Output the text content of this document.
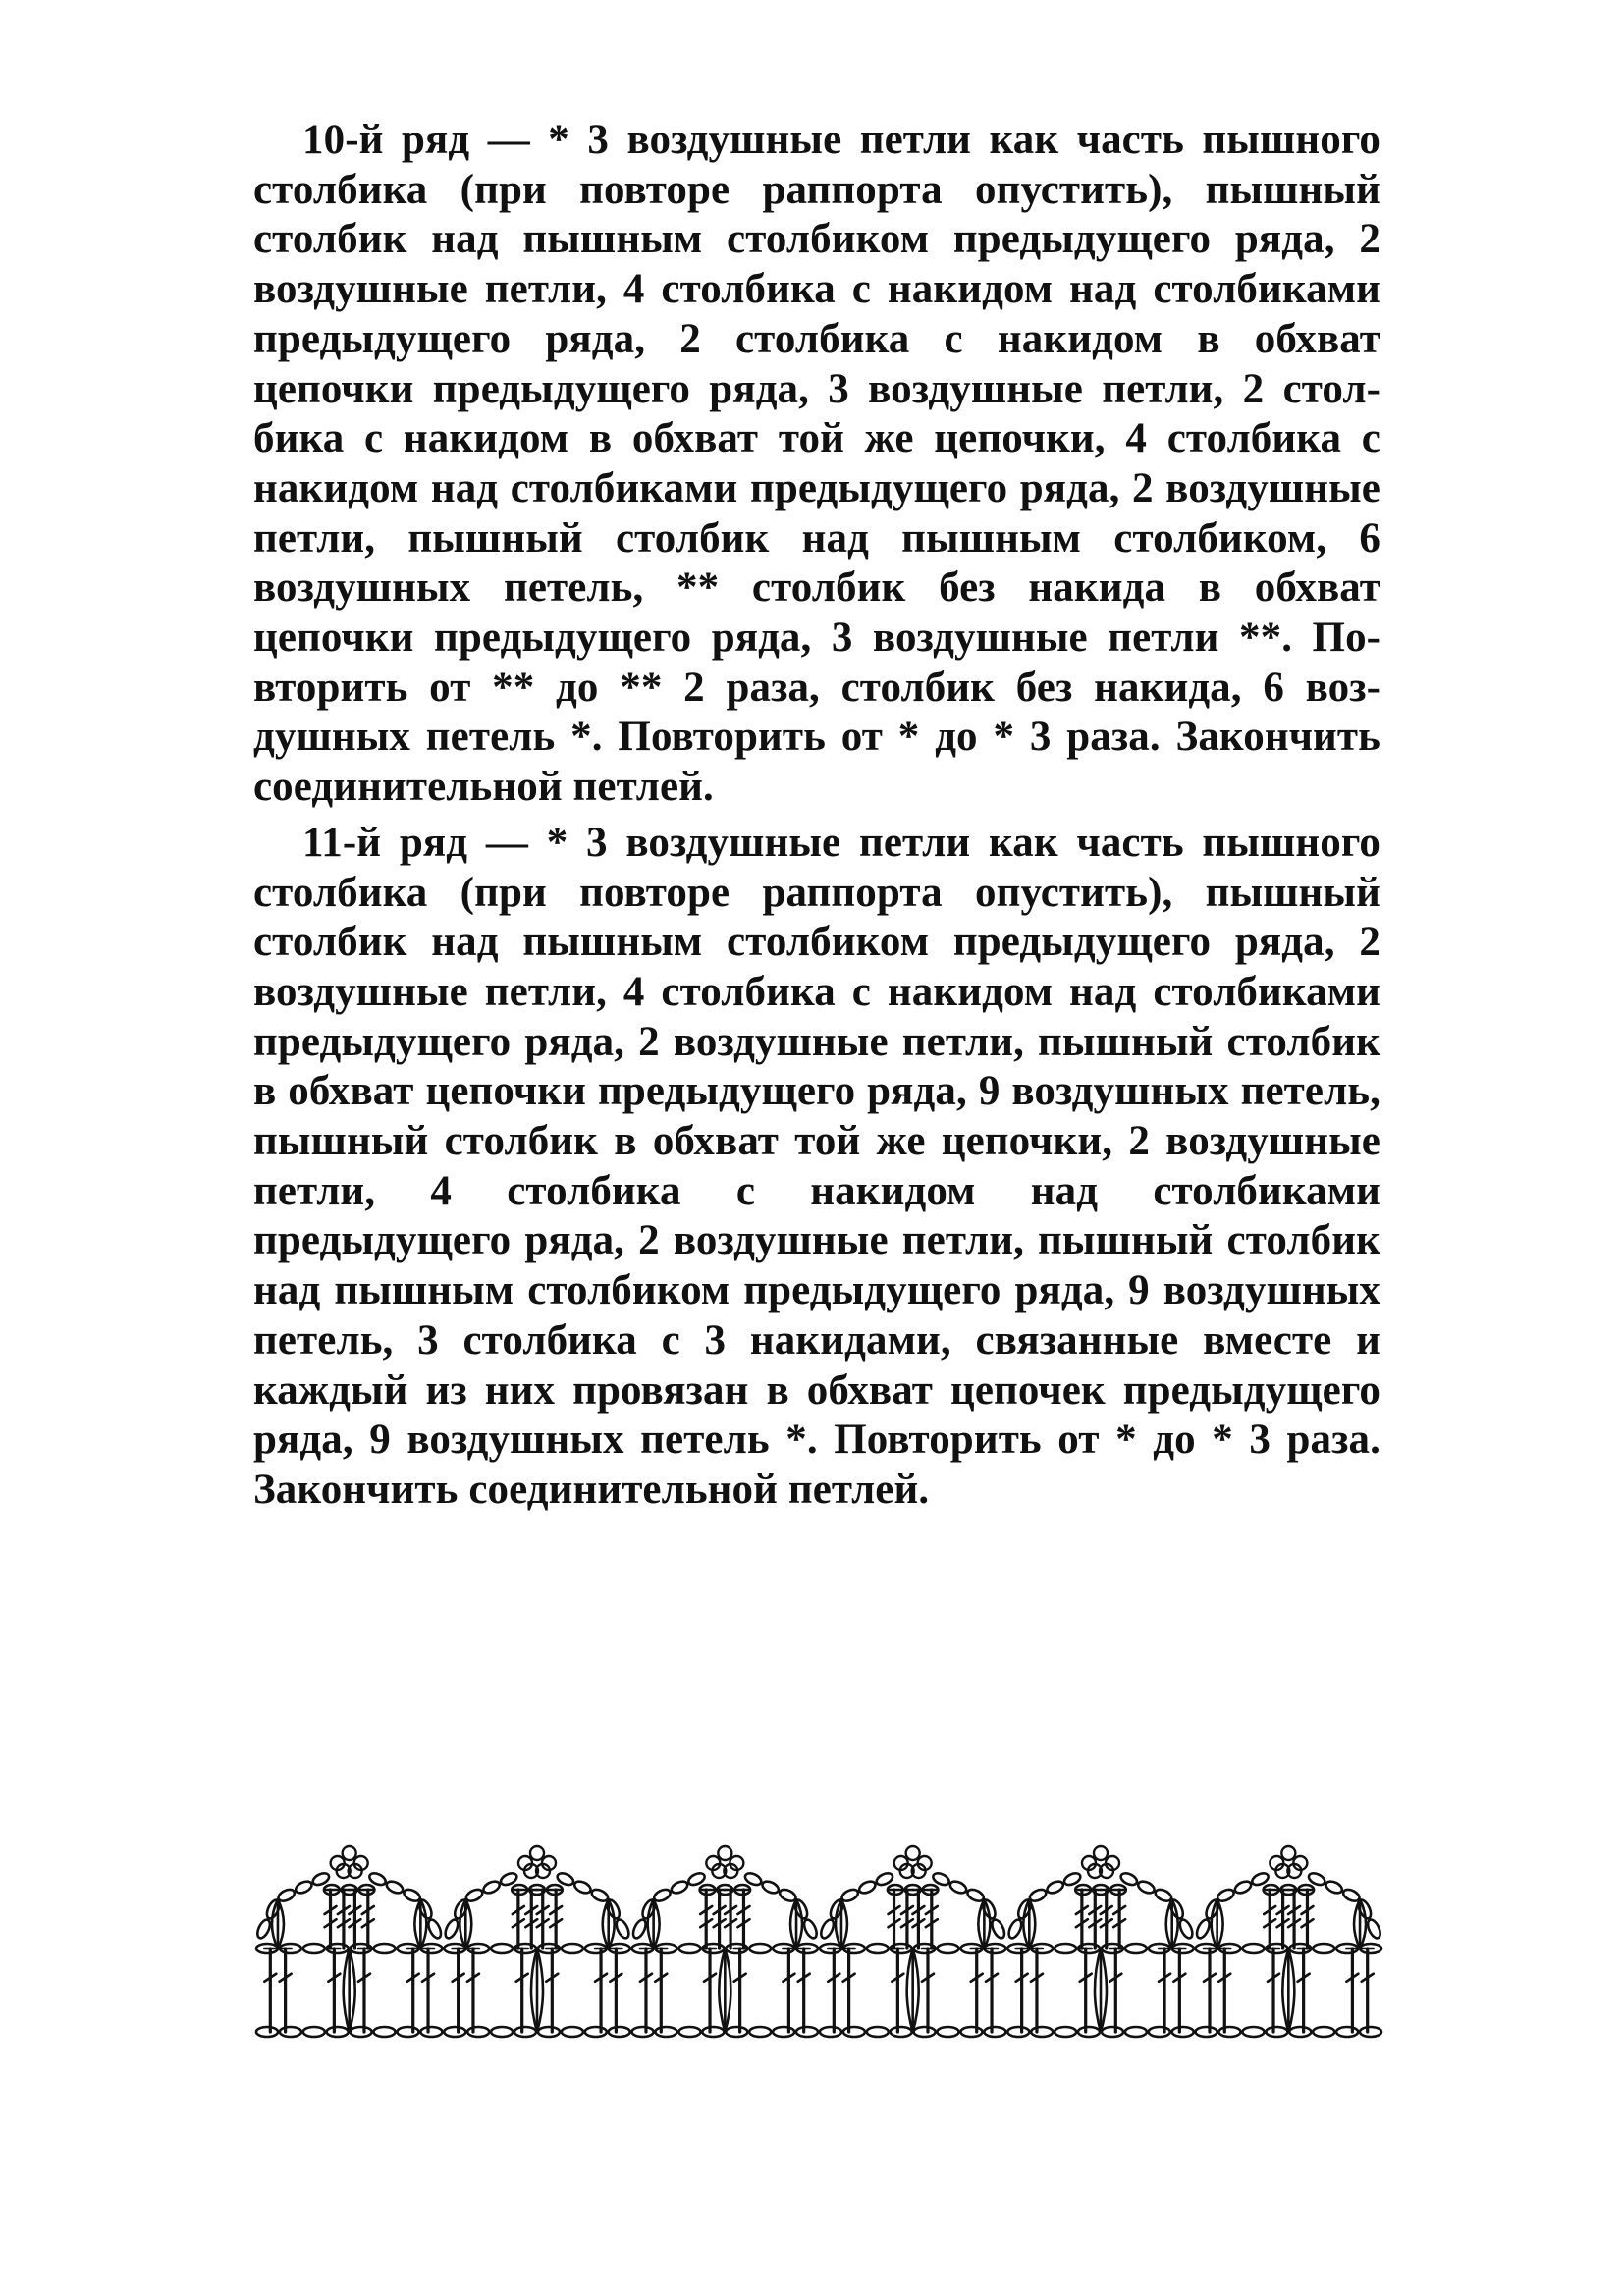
10-й ряд — * 3 воздушные петли как часть пышного столбика (при повторе раппорта опустить), пышный столбик над пышным столбиком предыдущего ряда, 2 воздушные петли, 4 столбика с накидом над столбиками предыдущего ряда, 2 столбика с накидом в обхват цепочки предыдущего ряда, 3 воздушные петли, 2 столбика с накидом в обхват той же цепочки, 4 столбика с накидом над столбиками предыдущего ряда, 2 воздушные петли, пышный столбик над пышным столбиком, 6 воздушных петель, ** столбик без накида в обхват цепочки предыдущего ряда, 3 воздушные петли **. Повторить от ** до ** 2 раза, столбик без накида, 6 воздушных петель *. Повторить от * до * 3 раза. Закончить соединительной петлей.

11-й ряд — * 3 воздушные петли как часть пышного столбика (при повторе раппорта опустить), пышный столбик над пышным столбиком предыдущего ряда, 2 воздушные петли, 4 столбика с накидом над столбиками предыдущего ряда, 2 воздушные петли, пышный столбик в обхват цепочки предыдущего ряда, 9 воздушных петель, пышный столбик в обхват той же цепочки, 2 воздушные петли, 4 столбика с накидом над столбиками предыдущего ряда, 2 воздушные петли, пышный столбик над пышным столбиком предыдущего ряда, 9 воздушных петель, 3 столбика с 3 накидами, связанные вместе и каждый из них провязан в обхват цепочек предыдущего ряда, 9 воздушных петель *. Повторить от * до * 3 раза. Закончить соединительной петлей.
